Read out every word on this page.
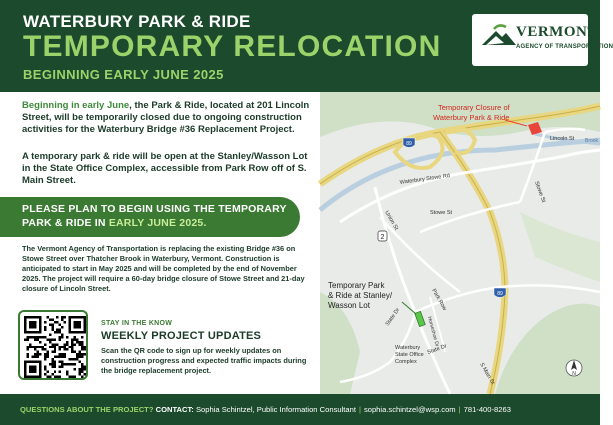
WATERBURY PARK & RIDE
TEMPORARY RELOCATION
BEGINNING EARLY JUNE 2025
VERMONT
AGENCY OF TRANSPORTATION
Beginning in early June, the Park & Ride, located at 201 Lincoln Street, will be temporarily closed due to ongoing construction activities for the Waterbury Bridge #36 Replacement Project.
A temporary park & ride will be open at the Stanley/Wasson Lot in the State Office Complex, accessible from Park Row off of S. Main Street.
PLEASE PLAN TO BEGIN USING THE TEMPORARY PARK & RIDE IN EARLY JUNE 2025.
The Vermont Agency of Transportation is replacing the existing Bridge #36 on Stowe Street over Thatcher Brook in Waterbury, Vermont. Construction is anticipated to start in May 2025 and will be completed by the end of November 2025. The project will require a 60-day bridge closure of Stowe Street and 21-day closure of Lincoln Street.
STAY IN THE KNOW
WEEKLY PROJECT UPDATES
Scan the QR code to sign up for weekly updates on construction progress and expected traffic impacts during the bridge replacement project.
2
89
89
Temporary Closure of
Waterbury Park & Ride
Temporary Park
& Ride at Stanley/
Wasson Lot
Waterbury
State Office
Complex
Lincoln St Brook
Waterbury Stowe Rd
Stowe St
Stowe St
Union St
Park Row
Horseshoe Dr
State Dr
State Dr
S Main St	N
QUESTIONS ABOUT THE PROJECT? CONTACT: Sophia Schintzel, Public Information Consultant | sophia.schintzel@wsp.com | 781-400-8263
